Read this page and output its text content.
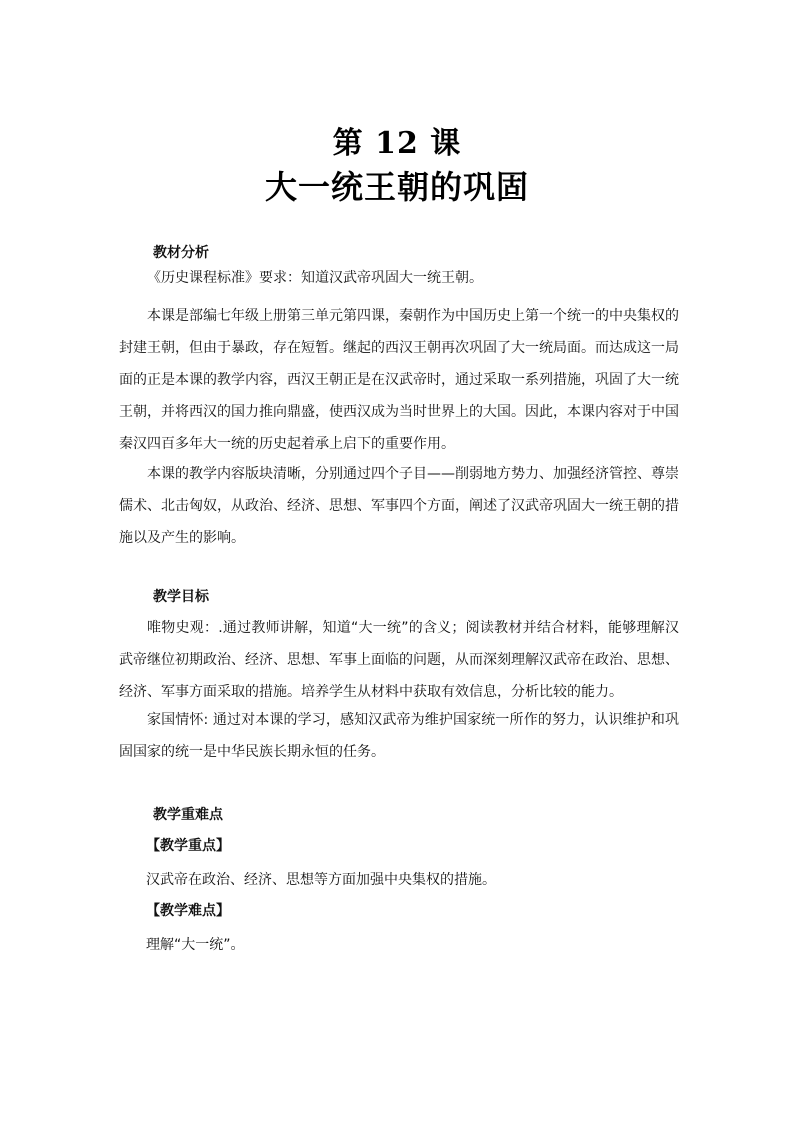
第 12 课
大一统王朝的巩固
教材分析
《历史课程标准》要求：知道汉武帝巩固大一统王朝。
本课是部编七年级上册第三单元第四课，秦朝作为中国历史上第一个统一的中央集权的封建王朝，但由于暴政，存在短暂。继起的西汉王朝再次巩固了大一统局面。而达成这一局面的正是本课的教学内容，西汉王朝正是在汉武帝时，通过采取一系列措施，巩固了大一统王朝，并将西汉的国力推向鼎盛，使西汉成为当时世界上的大国。因此，本课内容对于中国秦汉四百多年大一统的历史起着承上启下的重要作用。
本课的教学内容版块清晰，分别通过四个子目——削弱地方势力、加强经济管控、尊崇儒术、北击匈奴，从政治、经济、思想、军事四个方面，阐述了汉武帝巩固大一统王朝的措施以及产生的影响。
教学目标
唯物史观：.通过教师讲解，知道“大一统”的含义；阅读教材并结合材料，能够理解汉武帝继位初期政治、经济、思想、军事上面临的问题，从而深刻理解汉武帝在政治、思想、经济、军事方面采取的措施。培养学生从材料中获取有效信息，分析比较的能力。
家国情怀: 通过对本课的学习，感知汉武帝为维护国家统一所作的努力，认识维护和巩固国家的统一是中华民族长期永恒的任务。
教学重难点
【教学重点】
汉武帝在政治、经济、思想等方面加强中央集权的措施。
【教学难点】
理解“大一统”。
